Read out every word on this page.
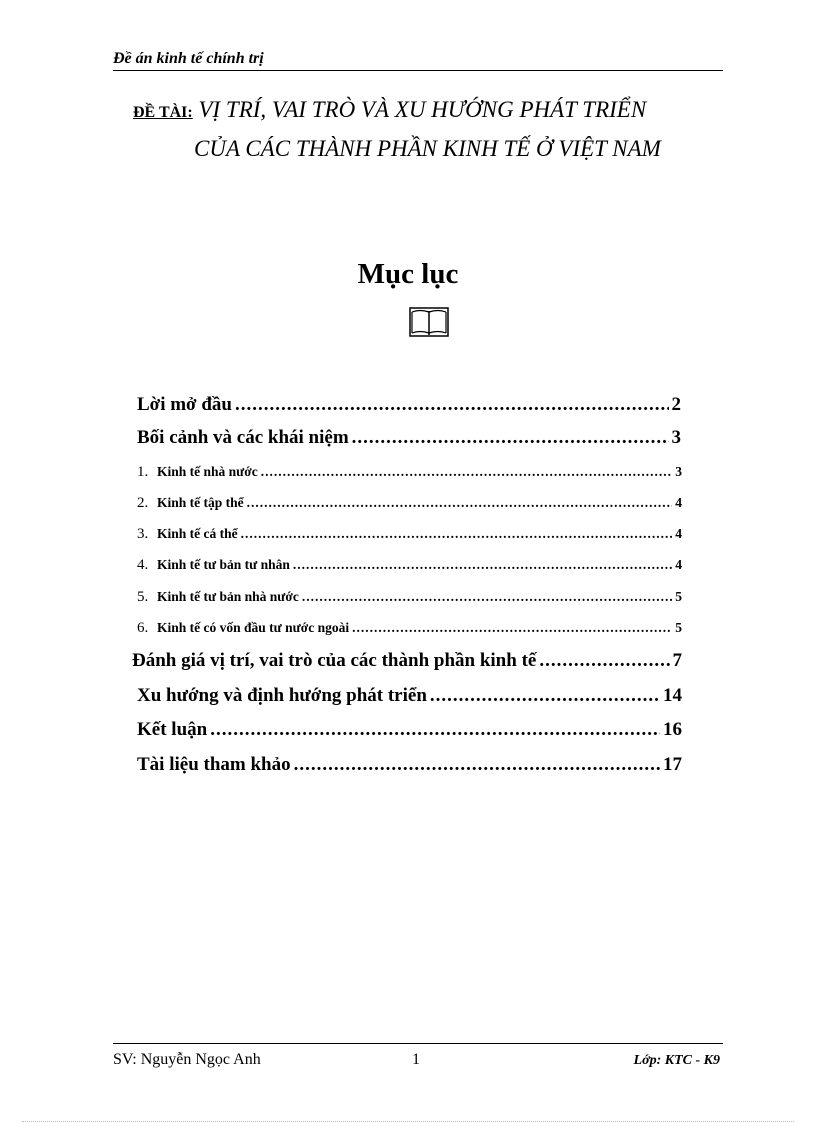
Đề án kinh tế chính trị
ĐỀ TÀI: VỊ TRÍ, VAI TRÒ VÀ XU HƯỚNG PHÁT TRIỂN
CỦA CÁC THÀNH PHẦN KINH TẾ Ở VIỆT NAM
Mục lục
Lời mở đầu .....	2
Bối cảnh và các khái niệm .....	3
1. Kinh tế nhà nước .....	3
2. Kinh tế tập thể .....	4
3. Kinh tế cá thể .....	4
4. Kinh tế tư bản tư nhân .....	4
5. Kinh tế tư bản nhà nước .....	5
6. Kinh tế có vốn đầu tư nước ngoài .....	5
Đánh giá vị trí, vai trò của các thành phần kinh tế .....	7
Xu hướng và định hướng phát triển .....	14
Kết luận .....	16
Tài liệu tham khảo .....	17
SV: Nguyễn Ngọc Anh	1	Lớp: KTC - K9
